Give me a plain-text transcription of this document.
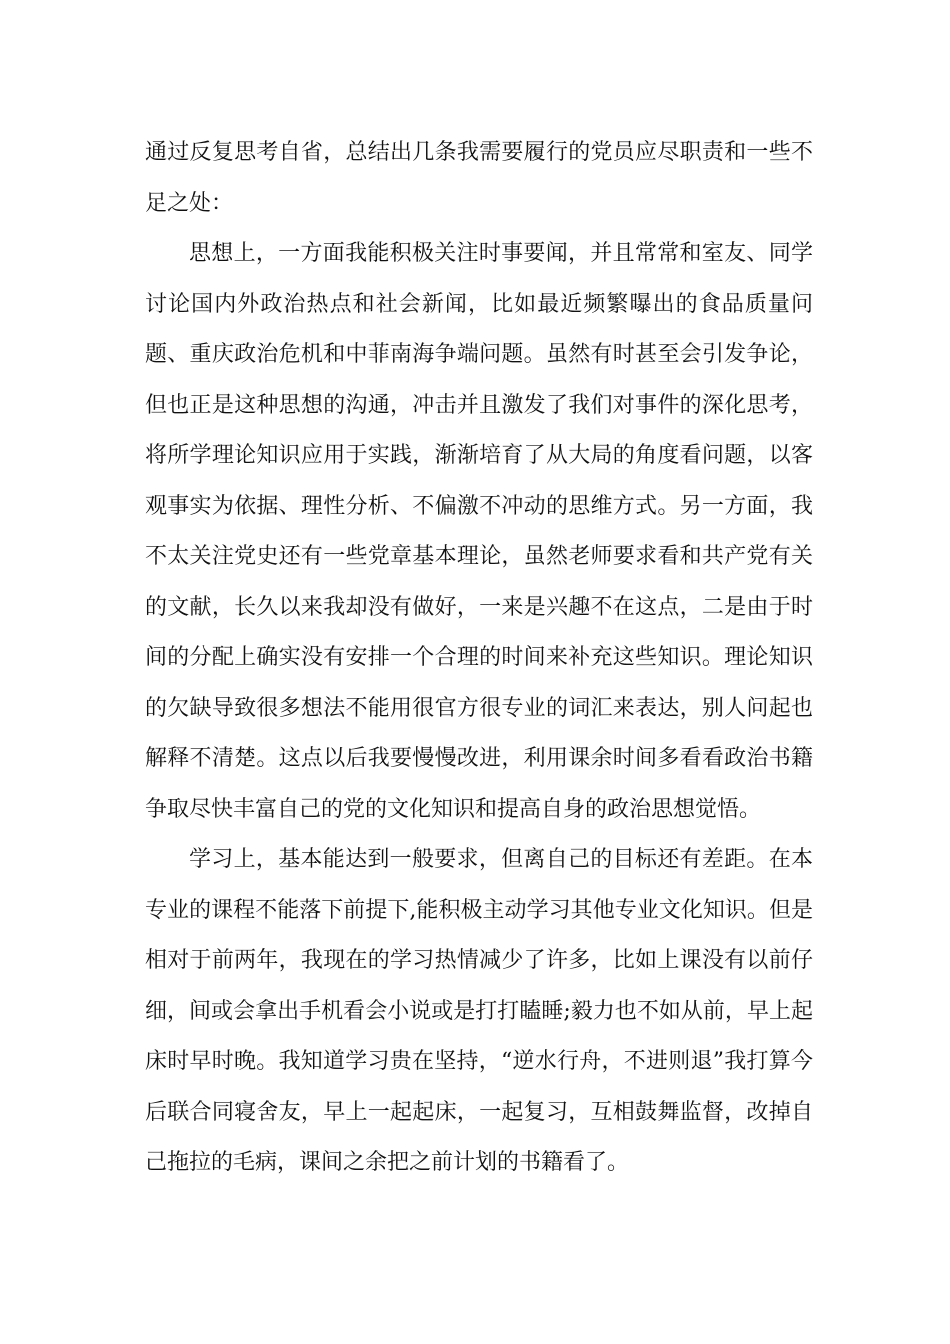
通过反复思考自省，总结出几条我需要履行的党员应尽职责和一些不足之处：

思想上，一方面我能积极关注时事要闻，并且常常和室友、同学讨论国内外政治热点和社会新闻，比如最近频繁曝出的食品质量问题、重庆政治危机和中菲南海争端问题。虽然有时甚至会引发争论，但也正是这种思想的沟通，冲击并且激发了我们对事件的深化思考，将所学理论知识应用于实践，渐渐培育了从大局的角度看问题，以客观事实为依据、理性分析、不偏激不冲动的思维方式。另一方面，我不太关注党史还有一些党章基本理论，虽然老师要求看和共产党有关的文献，长久以来我却没有做好，一来是兴趣不在这点，二是由于时间的分配上确实没有安排一个合理的时间来补充这些知识。理论知识的欠缺导致很多想法不能用很官方很专业的词汇来表达，别人问起也解释不清楚。这点以后我要慢慢改进，利用课余时间多看看政治书籍争取尽快丰富自己的党的文化知识和提高自身的政治思想觉悟。

学习上，基本能达到一般要求，但离自己的目标还有差距。在本专业的课程不能落下前提下,能积极主动学习其他专业文化知识。但是相对于前两年，我现在的学习热情减少了许多，比如上课没有以前仔细，间或会拿出手机看会小说或是打打瞌睡;毅力也不如从前，早上起床时早时晚。我知道学习贵在坚持，“逆水行舟，不进则退”我打算今后联合同寝舍友，早上一起起床，一起复习，互相鼓舞监督，改掉自己拖拉的毛病，课间之余把之前计划的书籍看了。
